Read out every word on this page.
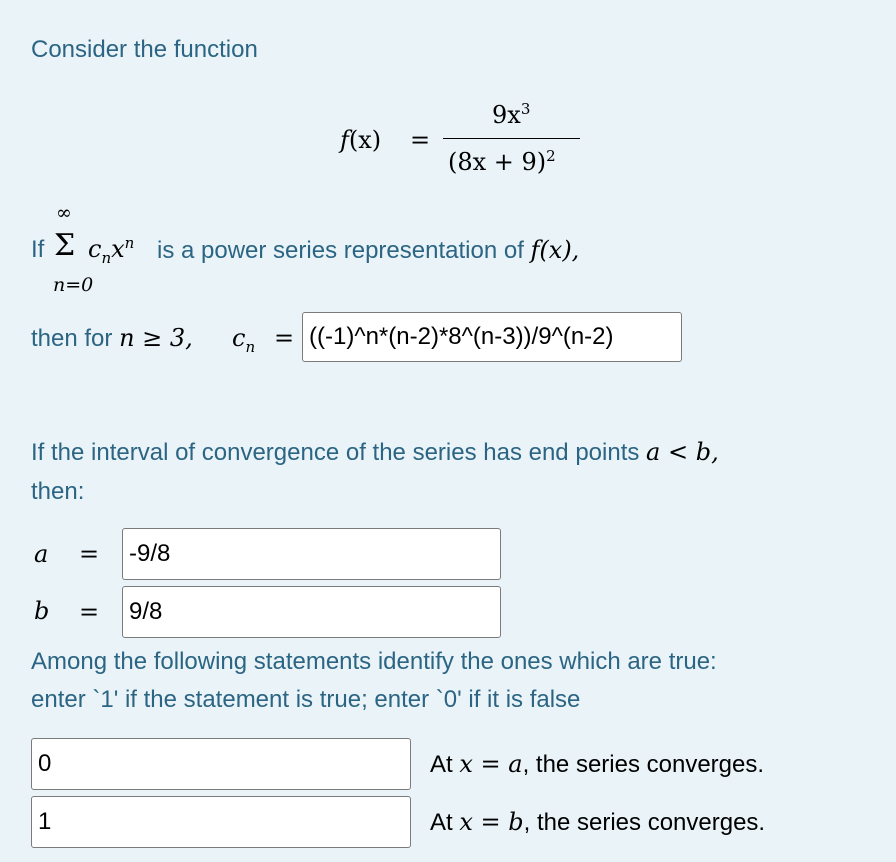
Consider the function
f(x) =
$9x^3$
$(8x + 9)^2$
If
∞
Σ
n=0
$c_nx^n$ is a power series representation of f(x),
then for n ≥ 3, $c_n$ = ((-1)^n*(n-2)*8^(n-3))/9^(n-2)
If the interval of convergence of the series has end points a < b,
then:
a = -9/8
b = 9/8
Among the following statements identify the ones which are true:
enter `1' if the statement is true; enter `0' if it is false
0	At x = a, the series converges.
1	At x = b, the series converges.
